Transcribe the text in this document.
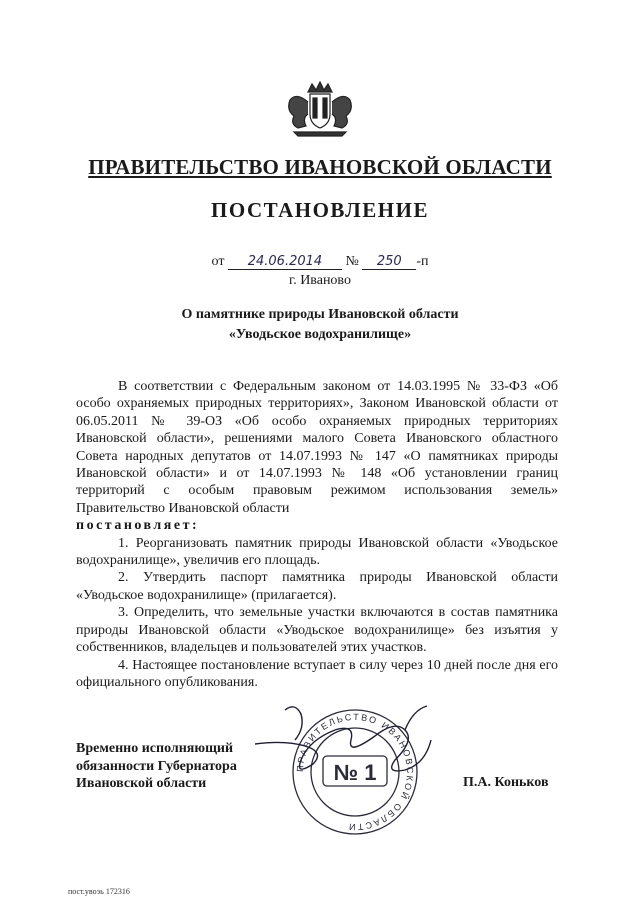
ПРАВИТЕЛЬСТВО ИВАНОВСКОЙ ОБЛАСТИ
ПОСТАНОВЛЕНИЕ
от 24.06.2014 № 250 -п
г. Иваново
О памятнике природы Ивановской области
«Уводьское водохранилище»

В соответствии с Федеральным законом от 14.03.1995 № 33-ФЗ «Об особо охраняемых природных территориях», Законом Ивановской области от 06.05.2011 № 39-ОЗ «Об особо охраняемых природных территориях Ивановской области», решениями малого Совета Ивановского областного Совета народных депутатов от 14.07.1993 № 147 «О памятниках природы Ивановской области» и от 14.07.1993 № 148 «Об установлении границ территорий с особым правовым режимом использования земель» Правительство Ивановской области

постановляет:

1. Реорганизовать памятник природы Ивановской области «Уводьское водохранилище», увеличив его площадь.

2. Утвердить паспорт памятника природы Ивановской области «Уводьское водохранилище» (прилагается).

3. Определить, что земельные участки включаются в состав памятника природы Ивановской области «Уводьское водохранилище» без изъятия у собственников, владельцев и пользователей этих участков.

4. Настоящее постановление вступает в силу через 10 дней после дня его официального опубликования.

Временно исполняющий
обязанности Губернатора
Ивановской области	П.А. Коньков
ПРАВИТЕЛЬСТВО ИВАНОВСКОЙ ОБЛАСТИ
№ 1
пост.увоэь 172316
